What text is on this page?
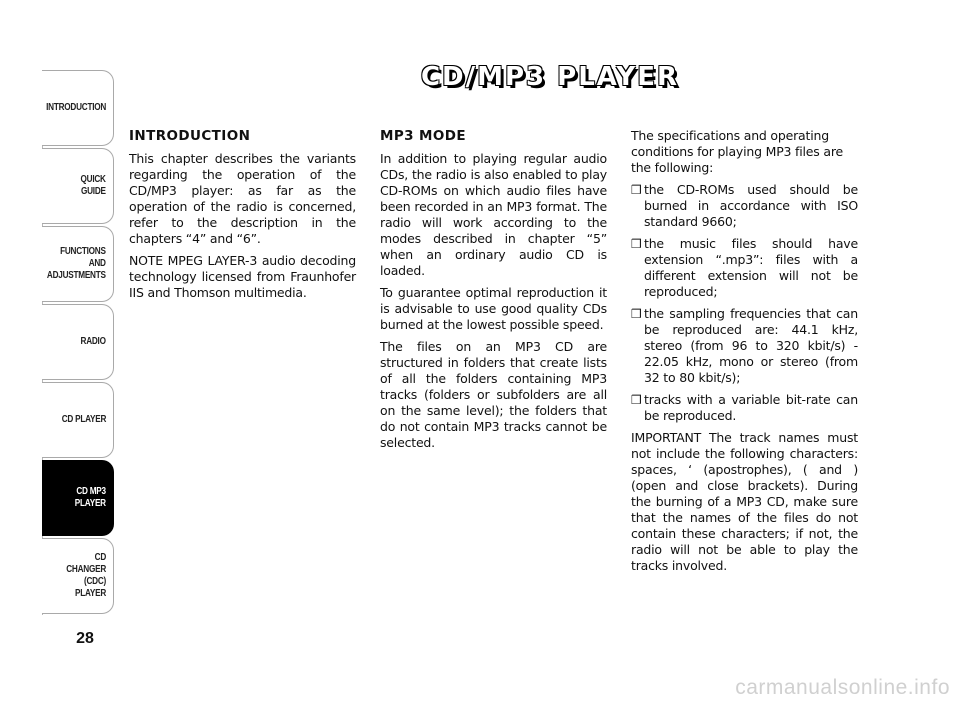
INTRODUCTION
QUICK
GUIDE
FUNCTIONS
AND
ADJUSTMENTS
RADIO
CD PLAYER
CD MP3
PLAYER
CD CHANGER
(CDC) PLAYER
28
CD/MP3 PLAYER
INTRODUCTION

This chapter describes the variants regarding the operation of the CD/MP3 player: as far as the operation of the radio is concerned, refer to the description in the chapters “4” and “6”.

NOTE MPEG LAYER-3 audio decoding technology licensed from Fraunhofer IIS and Thomson multimedia.

MP3 MODE

In addition to playing regular audio CDs, the radio is also enabled to play CD-ROMs on which audio files have been recorded in an MP3 format. The radio will work according to the modes described in chapter “5” when an ordinary audio CD is loaded.

To guarantee optimal reproduction it is advisable to use good quality CDs burned at the lowest possible speed.

The files on an MP3 CD are structured in folders that create lists of all the folders containing MP3 tracks (folders or subfolders are all on the same level); the folders that do not contain MP3 tracks cannot be selected.

The specifications and operating conditions for playing MP3 files are the following:

❒ the CD-ROMs used should be burned in accordance with ISO standard 9660;
❒ the music files should have extension “.mp3”: files with a different extension will not be reproduced;
❒ the sampling frequencies that can be reproduced are: 44.1 kHz, stereo (from 96 to 320 kbit/s) - 22.05 kHz, mono or stereo (from 32 to 80 kbit/s);
❒ tracks with a variable bit-rate can be reproduced.

IMPORTANT The track names must not include the following characters: spaces, ‘ (apostrophes), ( and ) (open and close brackets). During the burning of a MP3 CD, make sure that the names of the files do not contain these characters; if not, the radio will not be able to play the tracks involved.

carmanualsonline.info
